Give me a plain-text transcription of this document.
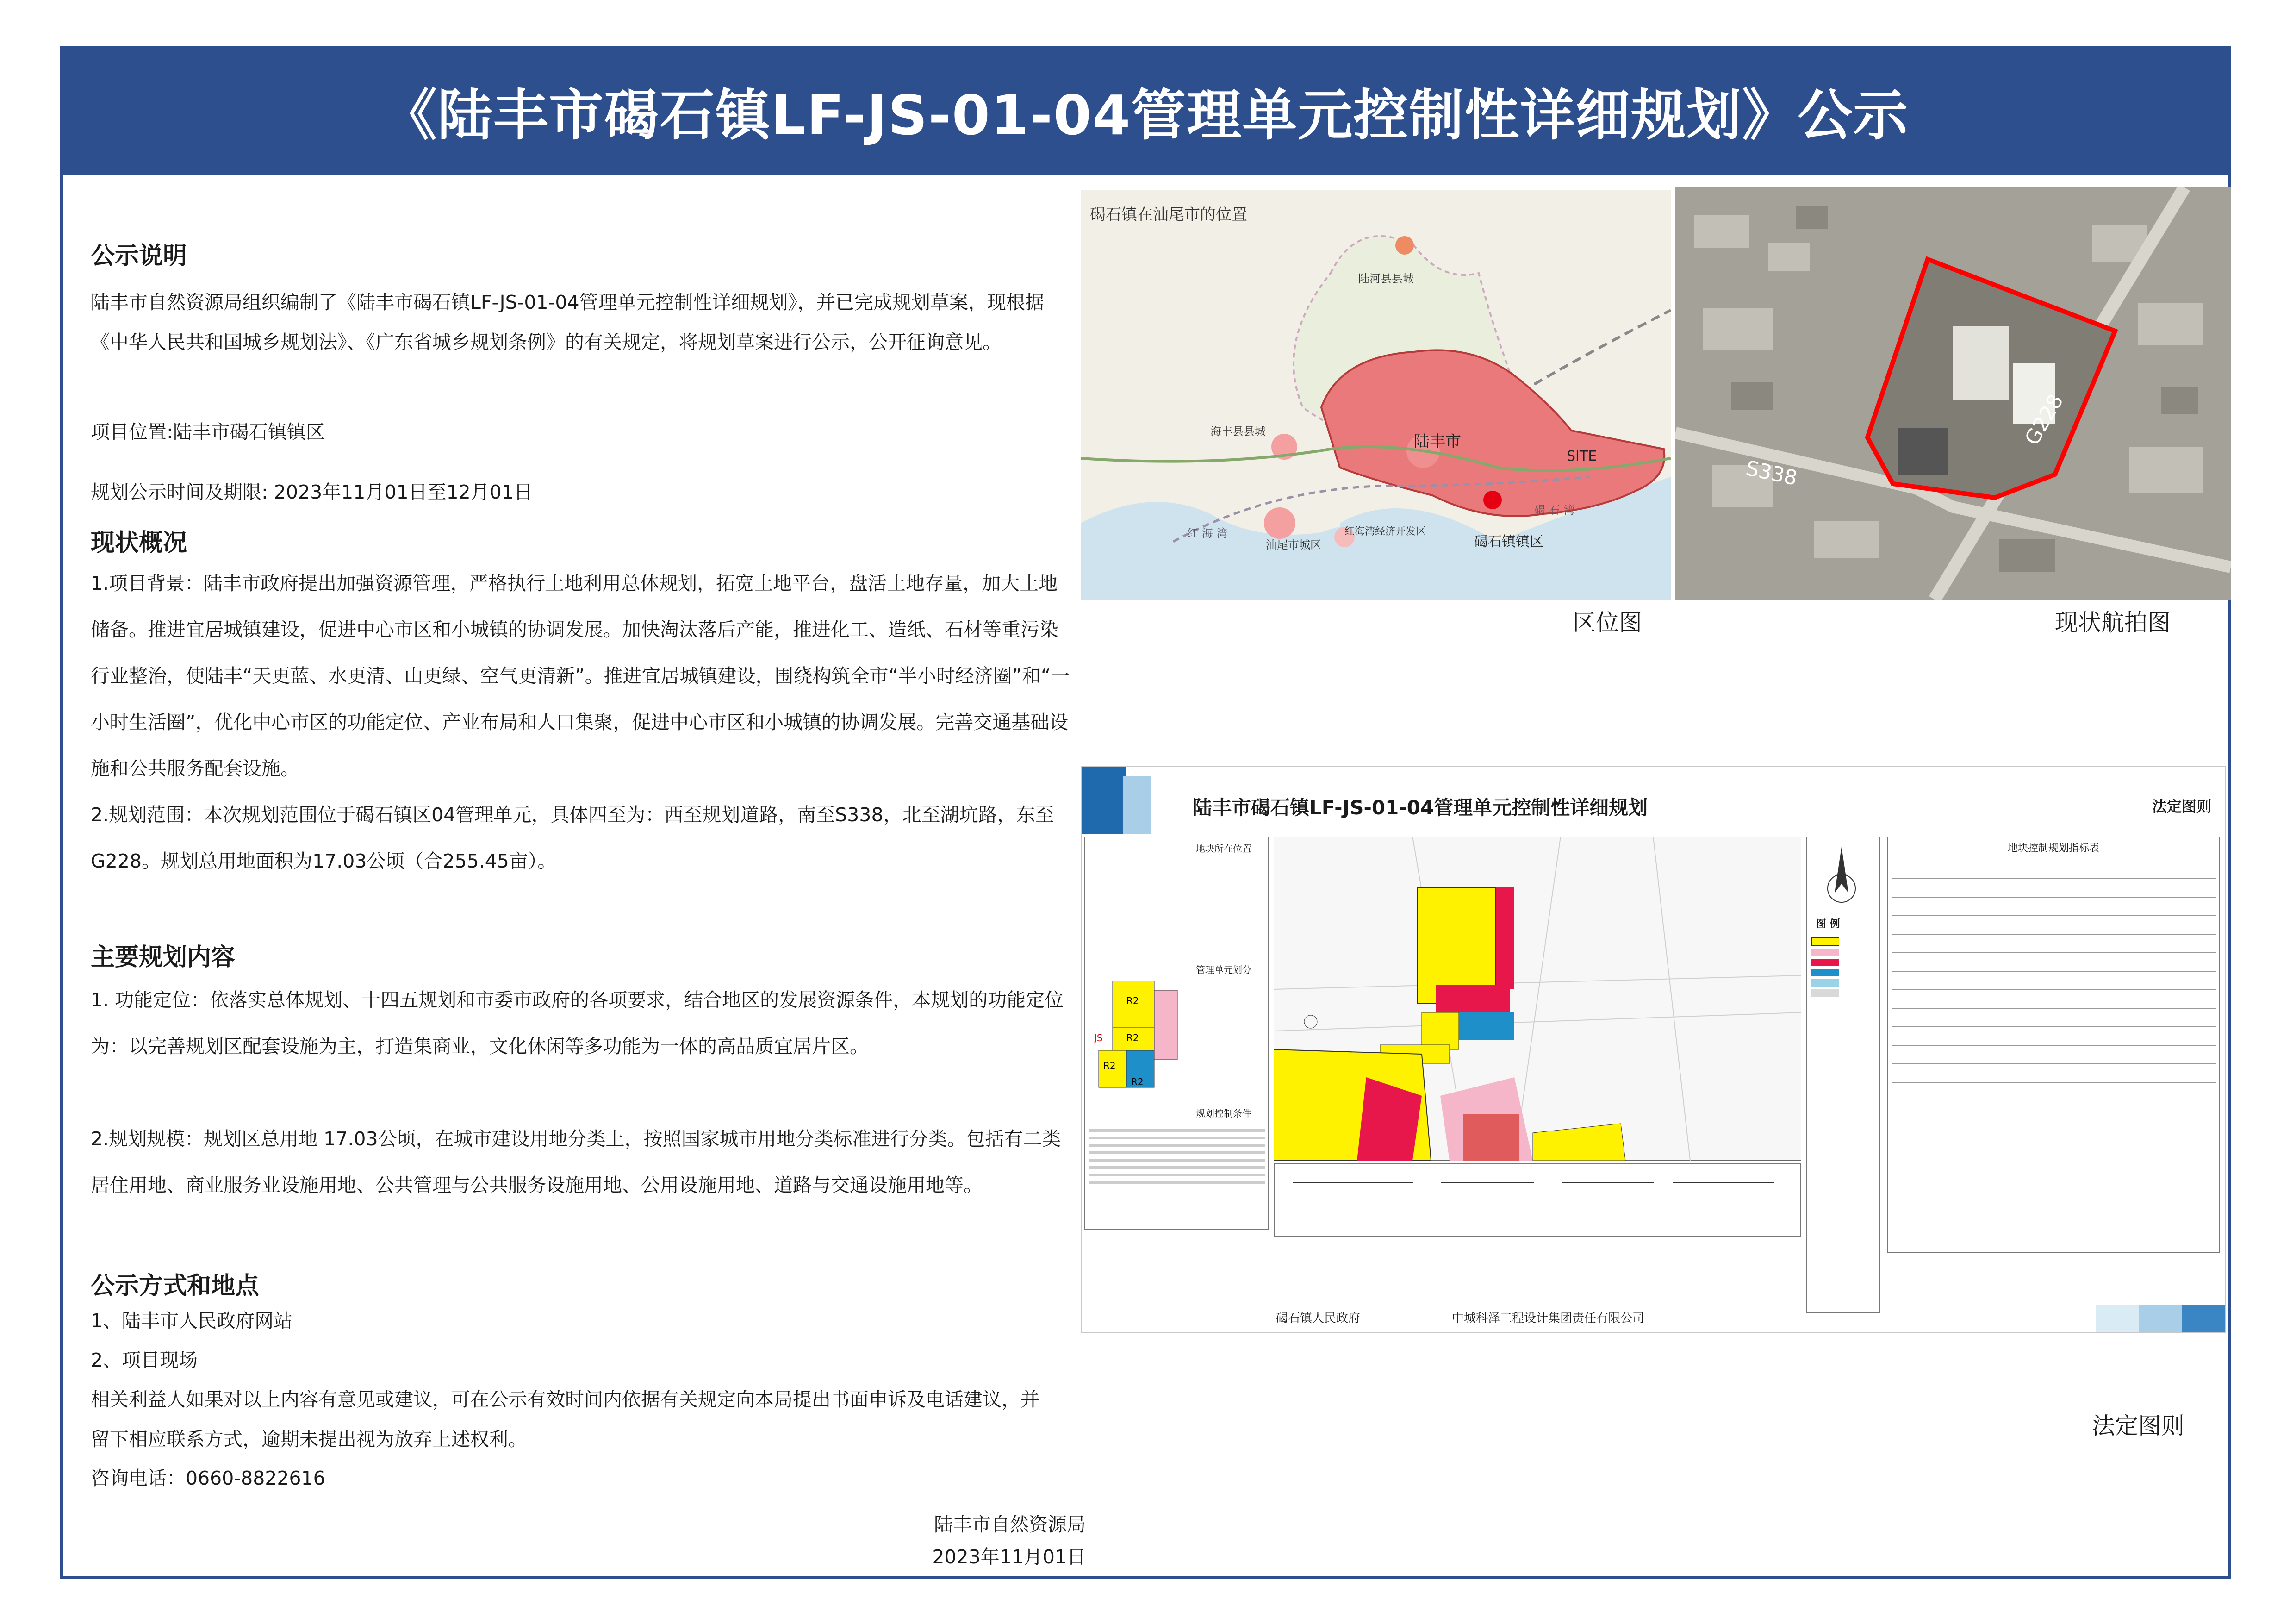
《陆丰市碣石镇LF-JS-01-04管理单元控制性详细规划》公示

公示说明

陆丰市自然资源局组织编制了《陆丰市碣石镇LF-JS-01-04管理单元控制性详细规划》，并已完成规划草案，现根据《中华人民共和国城乡规划法》、《广东省城乡规划条例》的有关规定，将规划草案进行公示，公开征询意见。

项目位置:陆丰市碣石镇镇区

规划公示时间及期限: 2023年11月01日至12月01日

现状概况

1.项目背景：陆丰市政府提出加强资源管理，严格执行土地利用总体规划，拓宽土地平台，盘活土地存量，加大土地储备。推进宜居城镇建设，促进中心市区和小城镇的协调发展。加快淘汰落后产能，推进化工、造纸、石材等重污染行业整治，使陆丰“天更蓝、水更清、山更绿、空气更清新”。推进宜居城镇建设，围绕构筑全市“半小时经济圈”和“一小时生活圈”，优化中心市区的功能定位、产业布局和人口集聚，促进中心市区和小城镇的协调发展。完善交通基础设施和公共服务配套设施。

2.规划范围：本次规划范围位于碣石镇区04管理单元，具体四至为：西至规划道路，南至S338，北至湖坑路，东至G228。规划总用地面积为17.03公顷（合255.45亩）。

主要规划内容

1. 功能定位：依落实总体规划、十四五规划和市委市政府的各项要求，结合地区的发展资源条件，本规划的功能定位为：以完善规划区配套设施为主，打造集商业，文化休闲等多功能为一体的高品质宜居片区。

2.规划规模：规划区总用地 17.03公顷，在城市建设用地分类上，按照国家城市用地分类标准进行分类。包括有二类居住用地、商业服务业设施用地、公共管理与公共服务设施用地、公用设施用地、道路与交通设施用地等。

公示方式和地点

1、陆丰市人民政府网站

2、项目现场

相关利益人如果对以上内容有意见或建议，可在公示有效时间内依据有关规定向本局提出书面申诉及电话建议，并留下相应联系方式，逾期未提出视为放弃上述权利。

咨询电话：0660-8822616

陆丰市自然资源局
2023年11月01日
碣石镇在汕尾市的位置
陆丰市
SITE
碣石镇镇区
海丰县县城
陆河县县城
汕尾市城区
红海湾经济开发区
碣 石 湾
红 海 湾
区位图
S338
G228
现状航拍图
陆丰市碣石镇LF-JS-01-04管理单元控制性详细规划	法定图则
地块所在位置
管理单元划分
R2
R2
R2
JS
R2
规划控制条件
图 例
地块控制规划指标表
碣石镇人民政府	中城科泽工程设计集团责任有限公司
法定图则
